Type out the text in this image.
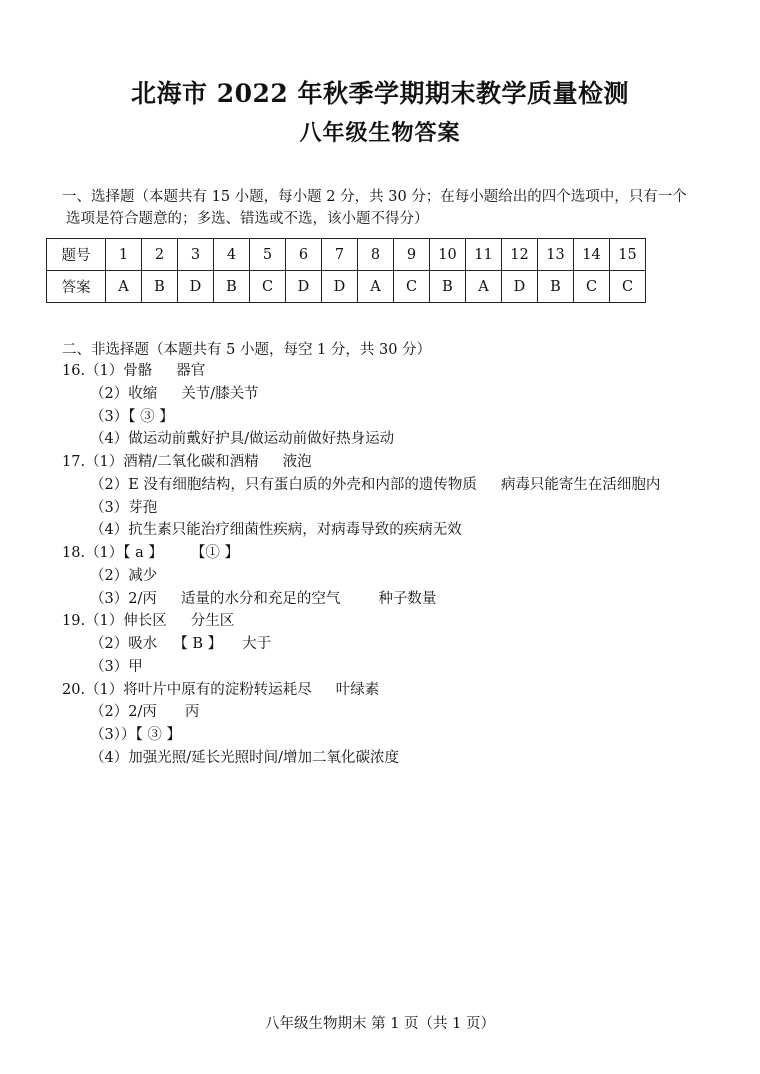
北海市 2022 年秋季学期期末教学质量检测
八年级生物答案
一、选择题（本题共有 15 小题，每小题 2 分，共 30 分；在每小题给出的四个选项中，只有一个
选项是符合题意的；多选、错选或不选，该小题不得分）
题号	1	2	3	4	5	6	7	8	9	10	11	12	13	14	15
答案	A	B	D	B	C	D	D	A	C	B	A	D	B	C	C
二、非选择题（本题共有 5 小题，每空 1 分，共 30 分）
16.（1）骨骼 器官
（2）收缩 关节/膝关节
（3）【 ③ 】
（4）做运动前戴好护具/做运动前做好热身运动
17.（1）酒精/二氧化碳和酒精 液泡
（2）E 没有细胞结构，只有蛋白质的外壳和内部的遗传物质 病毒只能寄生在活细胞内
（3）芽孢
（4）抗生素只能治疗细菌性疾病，对病毒导致的疾病无效
18.（1）【 a 】 【① 】
（2）减少
（3）2/丙 适量的水分和充足的空气	种子数量
19.（1）伸长区 分生区
（2）吸水 【 B 】 大于
（3）甲
20.（1）将叶片中原有的淀粉转运耗尽 叶绿素
（2）2/丙 丙
（3））【 ③ 】
（4）加强光照/延长光照时间/增加二氧化碳浓度
八年级生物期末 第 1 页（共 1 页）
